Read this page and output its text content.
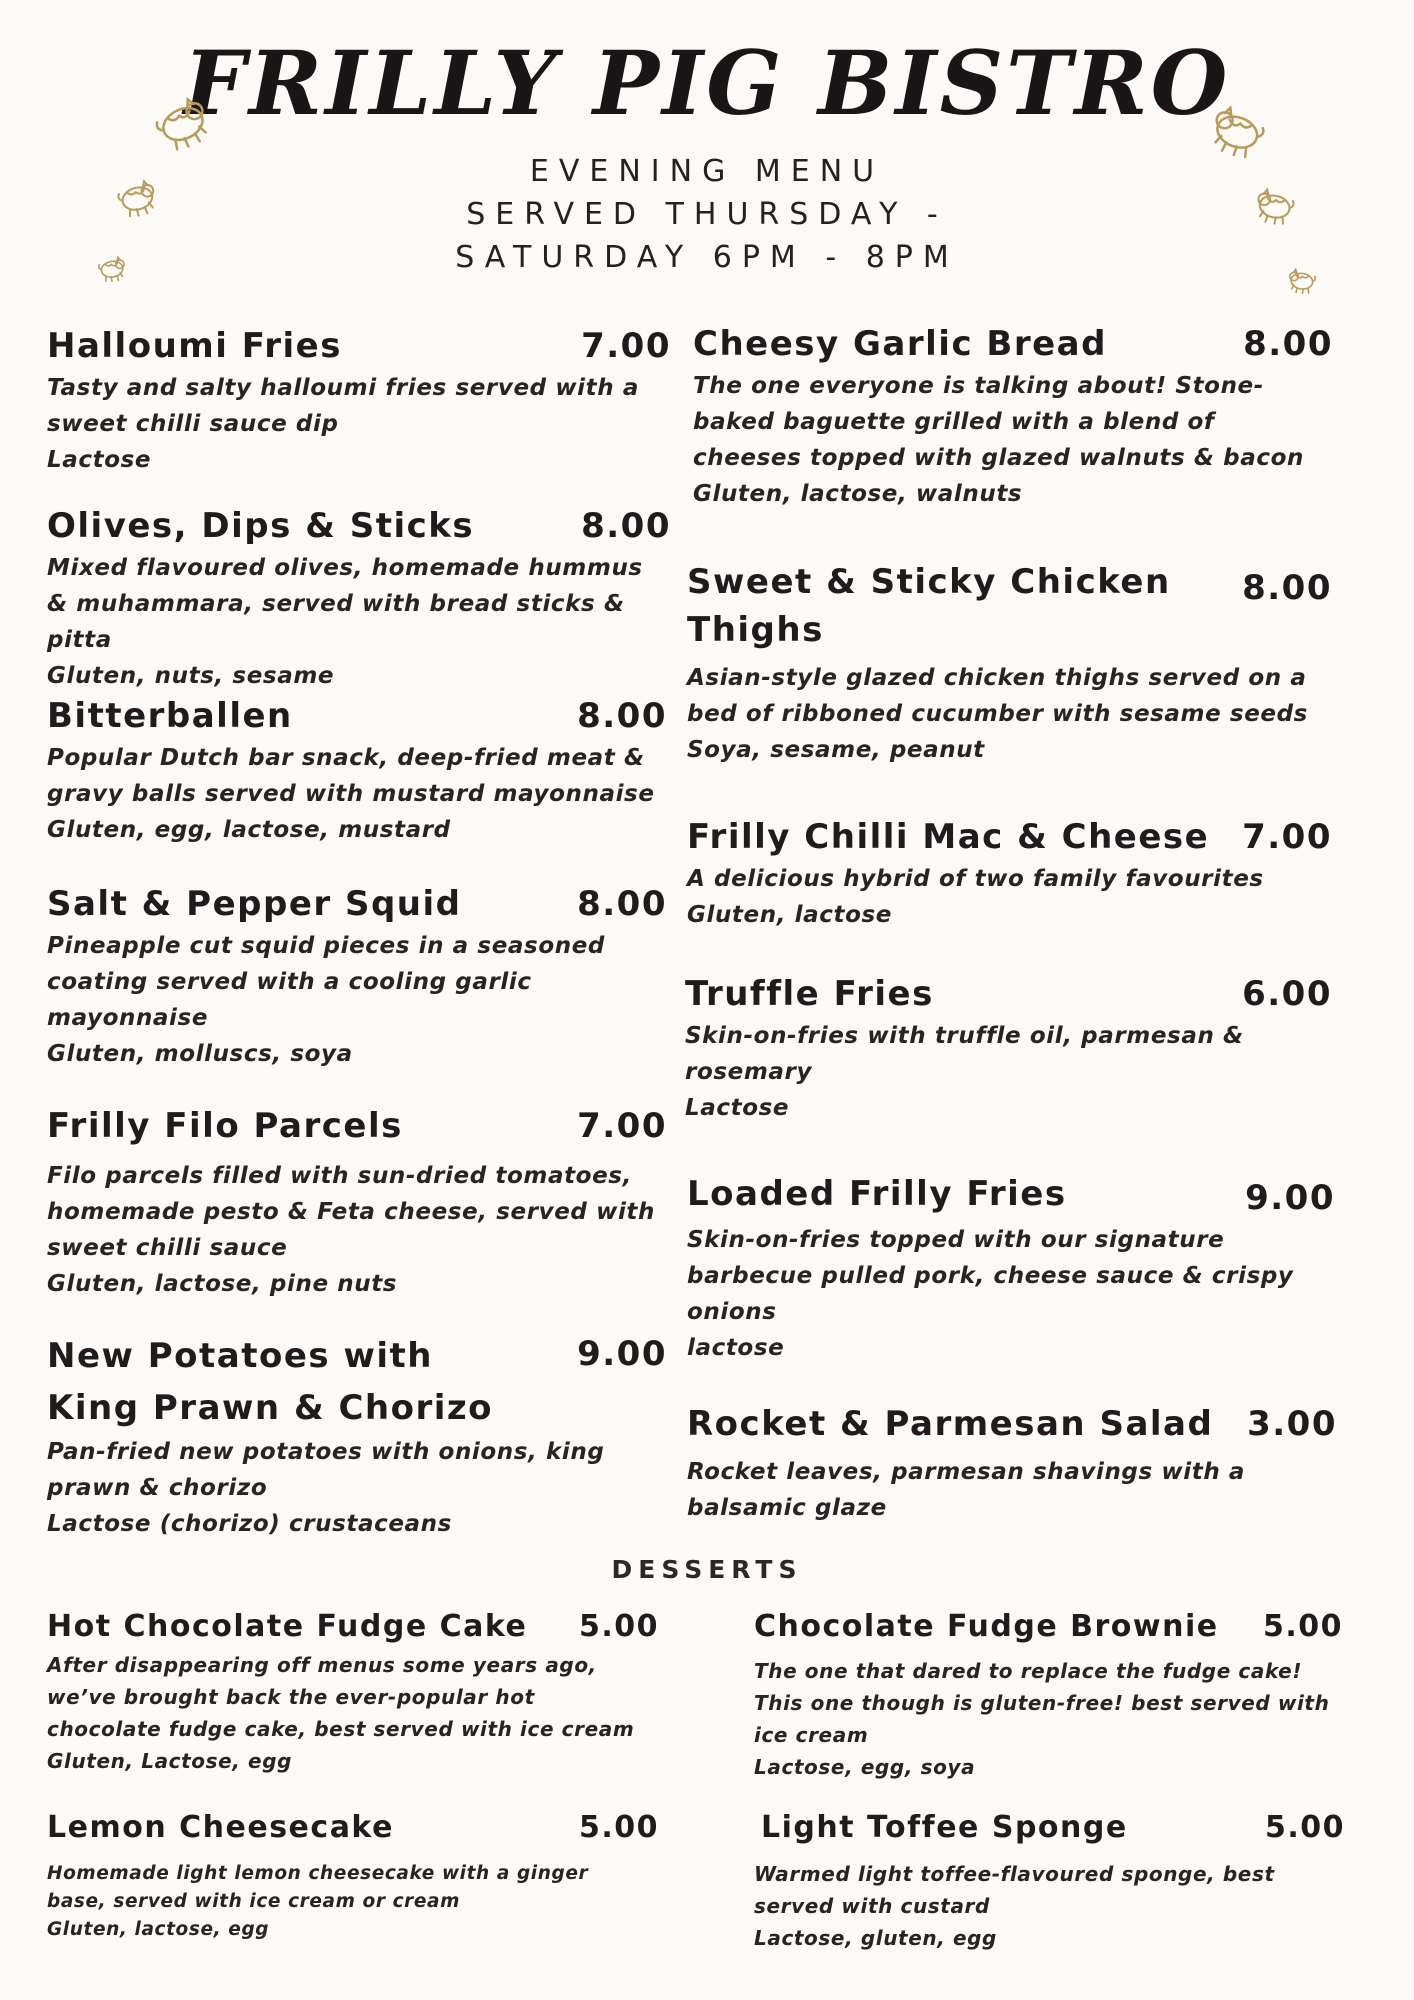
FRILLY PIG BISTRO
EVENING MENU
SERVED THURSDAY -
SATURDAY 6PM - 8PM
Halloumi Fries	7.00
Tasty and salty halloumi fries served with a sweet chilli sauce dip
Lactose
Olives, Dips & Sticks	8.00
Mixed flavoured olives, homemade hummus & muhammara, served with bread sticks & pitta
Gluten, nuts, sesame
Bitterballen	8.00
Popular Dutch bar snack, deep-fried meat & gravy balls served with mustard mayonnaise
Gluten, egg, lactose, mustard
Salt & Pepper Squid	8.00
Pineapple cut squid pieces in a seasoned coating served with a cooling garlic mayonnaise
Gluten, molluscs, soya
Frilly Filo Parcels	7.00
Filo parcels filled with sun-dried tomatoes, homemade pesto & Feta cheese, served with sweet chilli sauce
Gluten, lactose, pine nuts
New Potatoes with King Prawn & Chorizo
9.00
Pan-fried new potatoes with onions, king prawn & chorizo
Lactose (chorizo) crustaceans
Cheesy Garlic Bread	8.00
The one everyone is talking about! Stone-baked baguette grilled with a blend of cheeses topped with glazed walnuts & bacon
Gluten, lactose, walnuts
Sweet & Sticky Chicken Thighs
8.00
Asian-style glazed chicken thighs served on a bed of ribboned cucumber with sesame seeds
Soya, sesame, peanut
Frilly Chilli Mac & Cheese 7.00
A delicious hybrid of two family favourites
Gluten, lactose
Truffle Fries	6.00
Skin-on-fries with truffle oil, parmesan & rosemary
Lactose
Loaded Frilly Fries	9.00
Skin-on-fries topped with our signature barbecue pulled pork, cheese sauce & crispy onions
lactose
Rocket & Parmesan Salad 3.00
Rocket leaves, parmesan shavings with a balsamic glaze
DESSERTS
Hot Chocolate Fudge Cake 5.00
After disappearing off menus some years ago, we’ve brought back the ever-popular hot chocolate fudge cake, best served with ice cream
Gluten, Lactose, egg
Lemon Cheesecake	5.00
Homemade light lemon cheesecake with a ginger base, served with ice cream or cream
Gluten, lactose, egg
Chocolate Fudge Brownie 5.00
The one that dared to replace the fudge cake! This one though is gluten-free! best served with ice cream
Lactose, egg, soya
Light Toffee Sponge	5.00
Warmed light toffee-flavoured sponge, best served with custard
Lactose, gluten, egg
